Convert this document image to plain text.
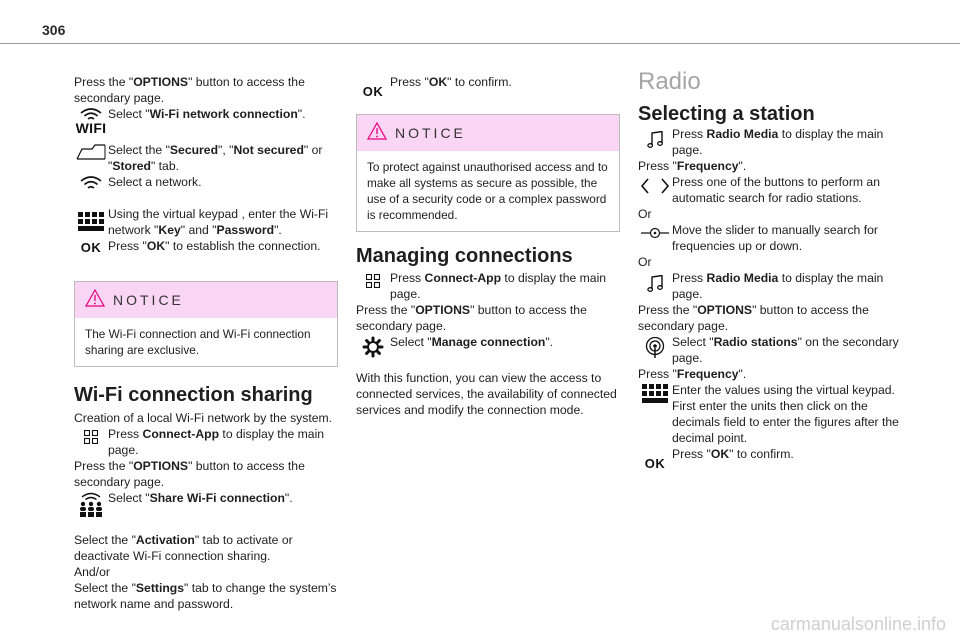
306

Press the "OPTIONS" button to access the secondary page.

WIFI
Select "Wi-Fi network connection".
Select the "Secured", "Not secured" or "Stored" tab.
Select a network.
Using the virtual keypad , enter the Wi-Fi network "Key" and "Password".
OK Press "OK" to establish the connection.
NOTICE
The Wi-Fi connection and Wi-Fi connection sharing are exclusive.
Wi-Fi connection sharing

Creation of a local Wi-Fi network by the system.

Press Connect-App to display the main page.

Press the "OPTIONS" button to access the secondary page.

Select "Share Wi-Fi connection".

Select the "Activation" tab to activate or deactivate Wi-Fi connection sharing.

And/or

Select the "Settings" tab to change the system’s network name and password.

OK
Press "OK" to confirm.
NOTICE
To protect against unauthorised access and to make all systems as secure as possible, the use of a security code or a complex password is recommended.
Managing connections
Press Connect-App to display the main page.

Press the "OPTIONS" button to access the secondary page.

Select "Manage connection".

With this function, you can view the access to connected services, the availability of connected services and modify the connection mode.

Radio
Selecting a station
Press Radio Media to display the main page.

Press "Frequency".

Press one of the buttons to perform an automatic search for radio stations.

Or

Move the slider to manually search for frequencies up or down.

Or

Press Radio Media to display the main page.

Press the "OPTIONS" button to access the secondary page.

Select "Radio stations" on the secondary page.

Press "Frequency".

Enter the values using the virtual keypad. First enter the units then click on the decimals field to enter the figures after the decimal point.
OK
Press "OK" to confirm.
carmanualsonline.info
